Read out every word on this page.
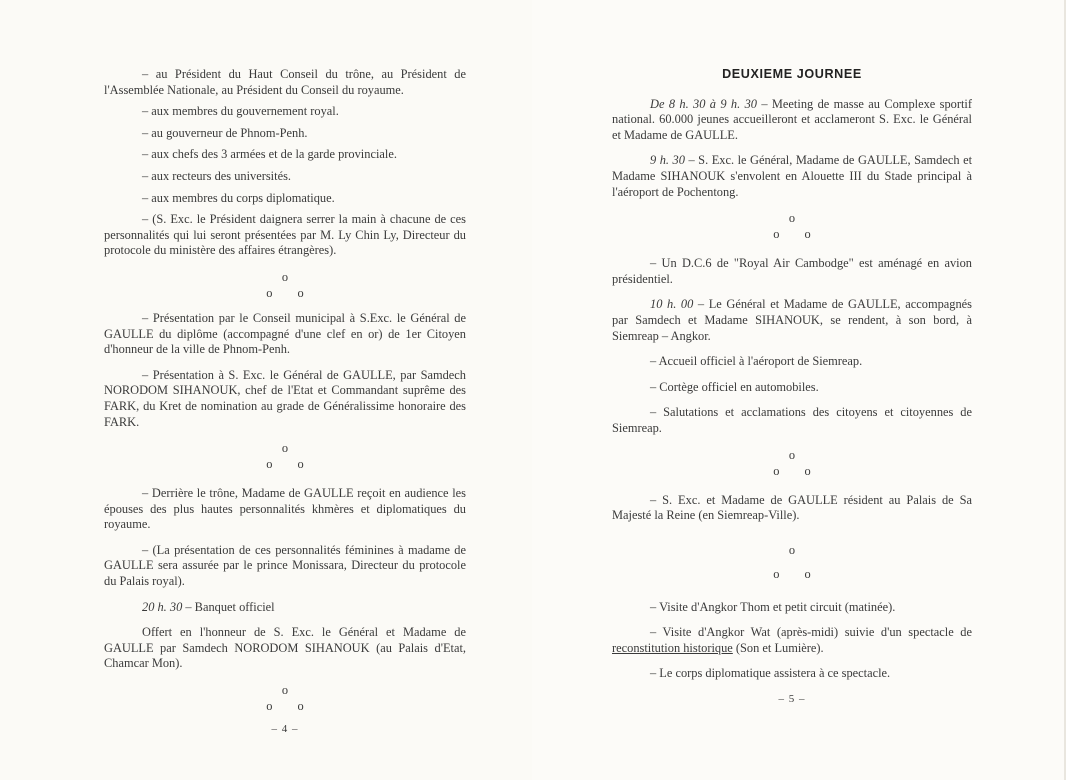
– au Président du Haut Conseil du trône, au Président de l'Assemblée Nationale, au Président du Conseil du royaume.

– aux membres du gouvernement royal.

– au gouverneur de Phnom-Penh.

– aux chefs des 3 armées et de la garde provinciale.

– aux recteurs des universités.

– aux membres du corps diplomatique.

– (S. Exc. le Président daignera serrer la main à chacune de ces personnalités qui lui seront présentées par M. Ly Chin Ly, Directeur du protocole du ministère des affaires étrangères).

o
o o

– Présentation par le Conseil municipal à S.Exc. le Général de GAULLE du diplôme (accompagné d'une clef en or) de 1er Citoyen d'honneur de la ville de Phnom-Penh.

– Présentation à S. Exc. le Général de GAULLE, par Samdech NORODOM SIHANOUK, chef de l'Etat et Commandant suprême des FARK, du Kret de nomination au grade de Généralissime honoraire des FARK.

o
o o

– Derrière le trône, Madame de GAULLE reçoit en audience les épouses des plus hautes personnalités khmères et diplomatiques du royaume.

– (La présentation de ces personnalités féminines à madame de GAULLE sera assurée par le prince Monissara, Directeur du protocole du Palais royal).

20 h. 30 – Banquet officiel

Offert en l'honneur de S. Exc. le Général et Madame de GAULLE par Samdech NORODOM SIHANOUK (au Palais d'Etat, Chamcar Mon).

o
o o
– 4 –
DEUXIEME JOURNEE

De 8 h. 30 à 9 h. 30 – Meeting de masse au Complexe sportif national. 60.000 jeunes accueilleront et acclameront S. Exc. le Général et Madame de GAULLE.

9 h. 30 – S. Exc. le Général, Madame de GAULLE, Samdech et Madame SIHANOUK s'envolent en Alouette III du Stade principal à l'aéroport de Pochentong.

o
o o

– Un D.C.6 de "Royal Air Cambodge" est aménagé en avion présidentiel.

10 h. 00 – Le Général et Madame de GAULLE, accompagnés par Samdech et Madame SIHANOUK, se rendent, à son bord, à Siemreap – Angkor.

– Accueil officiel à l'aéroport de Siemreap.

– Cortège officiel en automobiles.

– Salutations et acclamations des citoyens et citoyennes de Siemreap.

o
o o

– S. Exc. et Madame de GAULLE résident au Palais de Sa Majesté la Reine (en Siemreap-Ville).

o
o o

– Visite d'Angkor Thom et petit circuit (matinée).

– Visite d'Angkor Wat (après-midi) suivie d'un spectacle de reconstitution historique (Son et Lumière).

– Le corps diplomatique assistera à ce spectacle.

– 5 –
